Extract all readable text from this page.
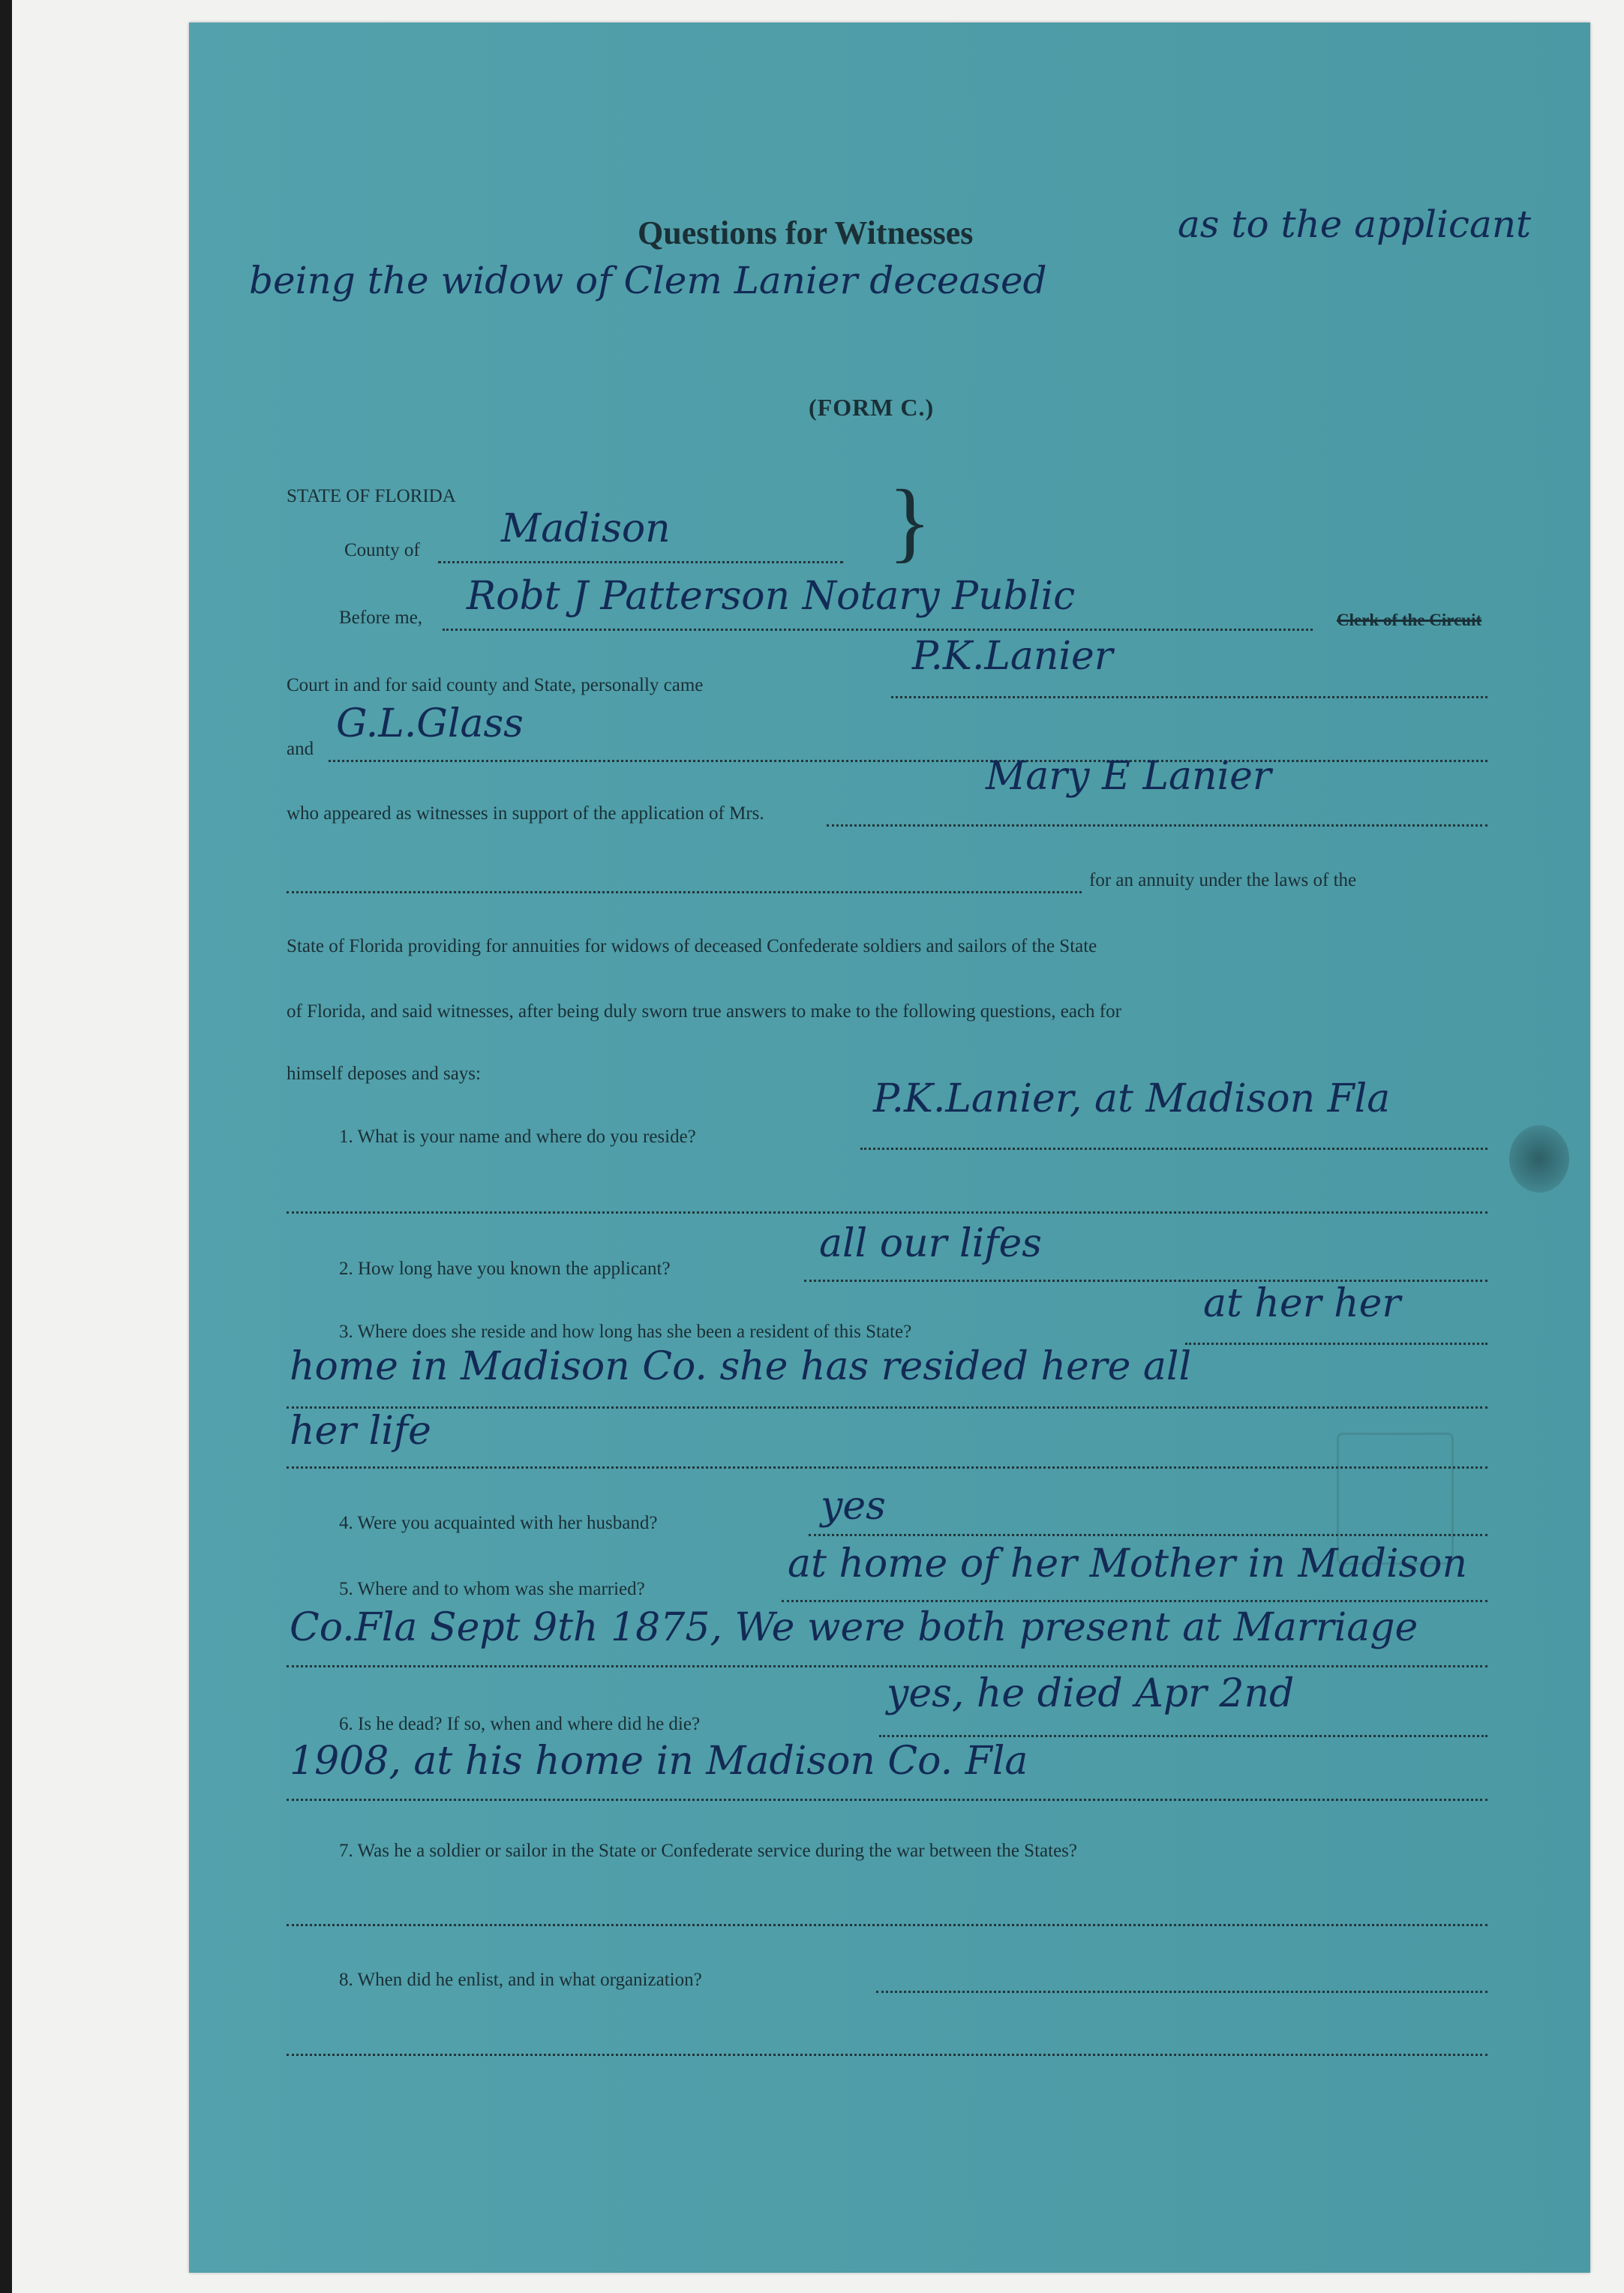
Questions for Witnesses	as to the applicant
being the widow of Clem Lanier deceased
(FORM C.)
STATE OF FLORIDA
County of Madison }
Before me, Robt J Patterson Notary Public
Clerk of the Circuit
Court in and for said county and State, personally came
P.K.Lanier
and
G.L.Glass
who appeared as witnesses in support of the application of Mrs.
Mary E Lanier
for an annuity under the laws of the
State of Florida providing for annuities for widows of deceased Confederate soldiers and sailors of the State
of Florida, and said witnesses, after being duly sworn true answers to make to the following questions, each for
himself deposes and says:
1. What is your name and where do you reside?
P.K.Lanier, at Madison Fla
2. How long have you known the applicant?
all our lifes
3. Where does she reside and how long has she been a resident of this State?
at her her
home in Madison Co. she has resided here all
her life
4. Were you acquainted with her husband?	yes
5. Where and to whom was she married?
at home of her Mother in Madison
Co.Fla Sept 9th 1875, We were both present at Marriage
6. Is he dead? If so, when and where did he die?
yes, he died Apr 2nd
1908, at his home in Madison Co. Fla
7. Was he a soldier or sailor in the State or Confederate service during the war between the States?
8. When did he enlist, and in what organization?
